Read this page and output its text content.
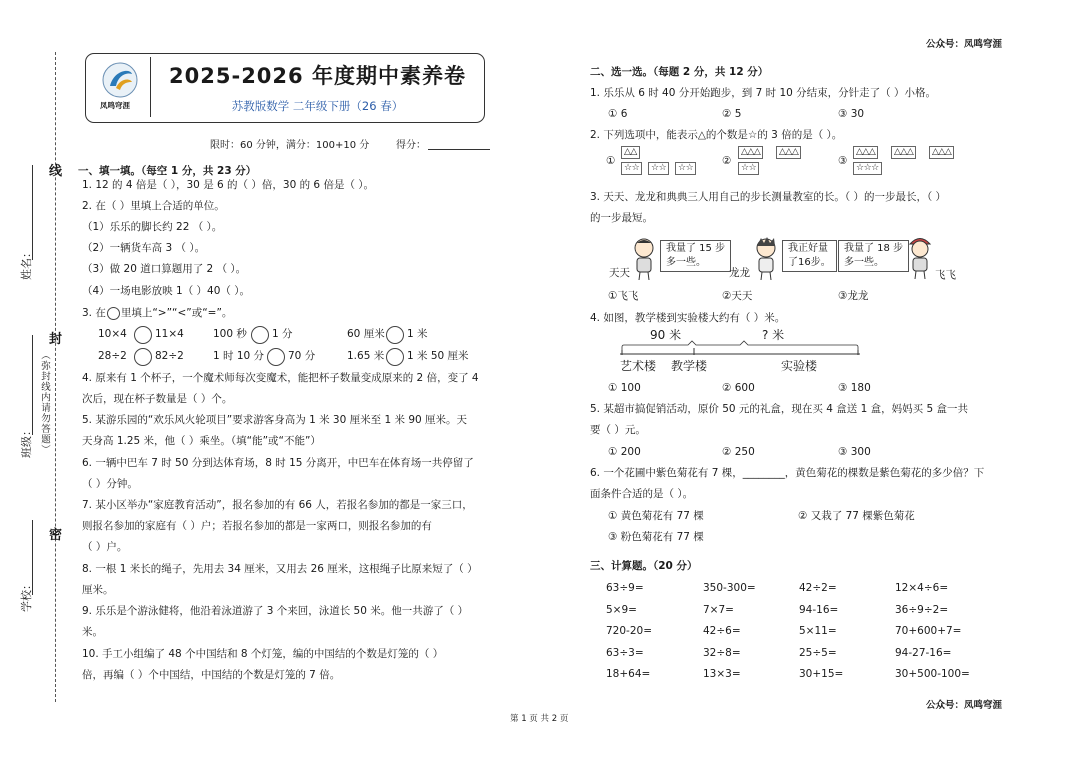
公众号：凤鸣穹涯
线
封
密
姓名：
班级：
学校：
（弥封线内请勿答题）
凤鸣穹涯
2025-2026 年度期中素养卷
苏教版数学 二年级下册（26 春）
限时：60 分钟，满分：100+10 分	得分：
一、填一填。（每空 1 分，共 23 分）
1. 12 的 4 倍是（ ），30 是 6 的（ ）倍，30 的 6 倍是（ ）。
2. 在（ ）里填上合适的单位。
（1）乐乐的脚长约 22 （ ）。
（2）一辆货车高 3 （ ）。
（3）做 20 道口算题用了 2 （ ）。
（4）一场电影放映 1（ ）40（ ）。
3. 在 里填上“>”“<”或“=”。
10×4	11×4	100 秒 1 分	60 厘米 1 米
28÷2	82÷2	1 时 10 分 70 分	1.65 米 1 米 50 厘米
4. 原来有 1 个杯子，一个魔术师每次变魔术，能把杯子数量变成原来的 2 倍，变了 4
次后，现在杯子数量是（ ）个。
5. 某游乐园的“欢乐风火轮项目”要求游客身高为 1 米 30 厘米至 1 米 90 厘米。天
天身高 1.25 米，他（ ）乘坐。（填“能”或“不能”）
6. 一辆中巴车 7 时 50 分到达体育场，8 时 15 分离开，中巴车在体育场一共停留了
（ ）分钟。
7. 某小区举办“家庭教育活动”，报名参加的有 66 人，若报名参加的都是一家三口，
则报名参加的家庭有（ ）户；若报名参加的都是一家两口，则报名参加的有
（ ）户。
8. 一根 1 米长的绳子，先用去 34 厘米，又用去 26 厘米，这根绳子比原来短了（ ）
厘米。
9. 乐乐是个游泳健将，他沿着泳道游了 3 个来回，泳道长 50 米。他一共游了（ ）
米。
10. 手工小组编了 48 个中国结和 8 个灯笼，编的中国结的个数是灯笼的（ ）
倍，再编（ ）个中国结，中国结的个数是灯笼的 7 倍。
二、选一选。（每题 2 分，共 12 分）
1. 乐乐从 6 时 40 分开始跑步，到 7 时 10 分结束，分针走了（ ）小格。
① 6	② 5	③ 30
2. 下列选项中，能表示△的个数是☆的 3 倍的是（ ）。
①
△△
☆☆	☆☆	☆☆
②
△△△	△△△
☆☆
③
△△△	△△△	△△△
☆☆☆
3. 天天、龙龙和典典三人用自己的步长测量教室的长。（ ）的一步最长，（ ）
的一步最短。
天天
我量了 15 步
多一些。
龙龙
我正好量
了16步。
我量了 18 步
多一些。
飞飞
①飞飞	②天天	③龙龙
4. 如图，教学楼到实验楼大约有（ ）米。
90 米	? 米
艺术楼 教学楼	实验楼
① 100	② 600	③ 180
5. 某超市搞促销活动，原价 50 元的礼盒，现在买 4 盒送 1 盒，妈妈买 5 盒一共
要（ ）元。
① 200	② 250	③ 300
6. 一个花圃中紫色菊花有 7 棵，________，黄色菊花的棵数是紫色菊花的多少倍？下
面条件合适的是（ ）。
① 黄色菊花有 77 棵	② 又栽了 77 棵紫色菊花
③ 粉色菊花有 77 棵
三、计算题。（20 分）
63÷9=	350-300=	42÷2=	12×4÷6=
5×9=	7×7=	94-16=	36÷9÷2=
720-20=	42÷6=	5×11=	70+600+7=
63÷3=	32÷8=	25÷5=	94-27-16=
18+64=	13×3=	30+15=	30+500-100=
第 1 页 共 2 页
公众号：凤鸣穹涯
